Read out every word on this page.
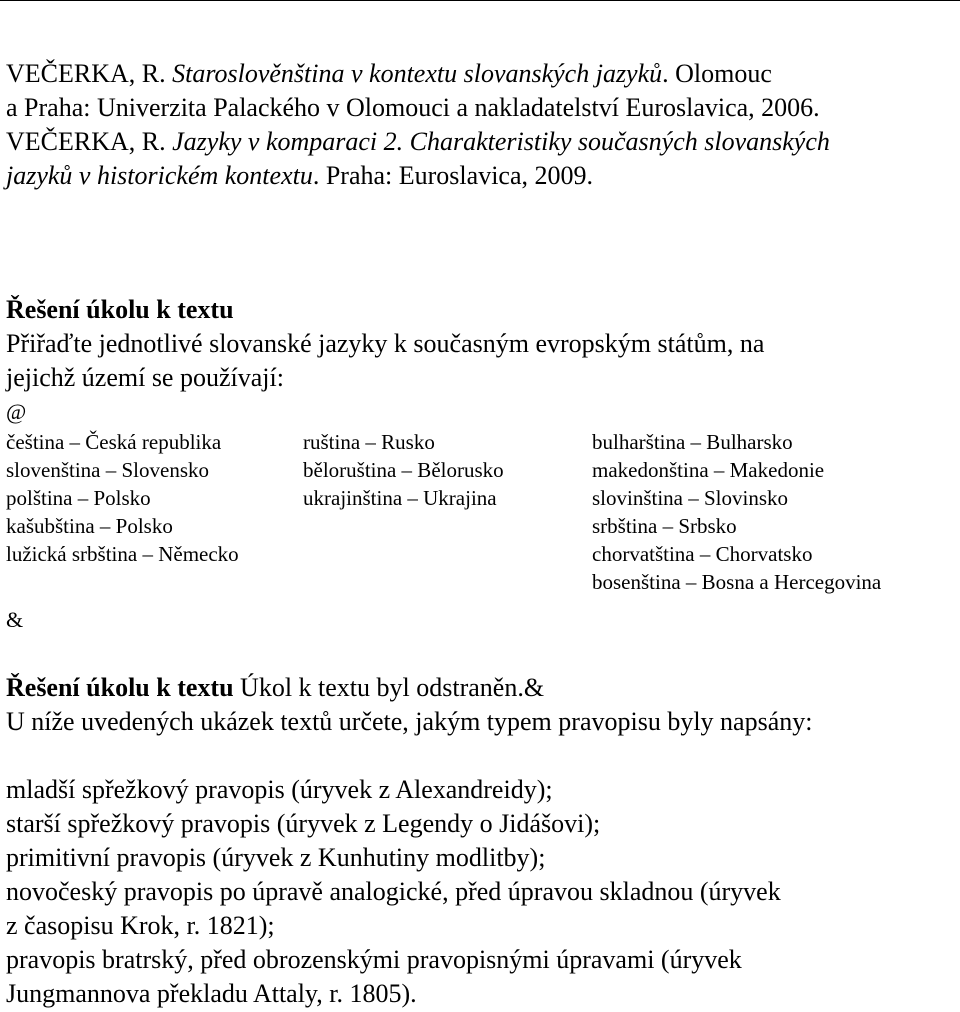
VEČERKA, R. Staroslověnština v kontextu slovanských jazyků. Olomouc
a Praha: Univerzita Palackého v Olomouci a nakladatelství Euroslavica, 2006.
VEČERKA, R. Jazyky v komparaci 2. Charakteristiky současných slovanských
jazyků v historickém kontextu. Praha: Euroslavica, 2009.
Řešení úkolu k textu
Přiřaďte jednotlivé slovanské jazyky k současným evropským státům, na
jejichž území se používají:
@
čeština – Česká republika
slovenština – Slovensko
polština – Polsko
kašubština – Polsko
lužická srbština – Německo
ruština – Rusko
běloruština – Bělorusko
ukrajinština – Ukrajina
bulharština – Bulharsko
makedonština – Makedonie
slovinština – Slovinsko
srbština – Srbsko
chorvatština – Chorvatsko
bosenština – Bosna a Hercegovina
&
Řešení úkolu k textu Úkol k textu byl odstraněn.&
U níže uvedených ukázek textů určete, jakým typem pravopisu byly napsány:
mladší spřežkový pravopis (úryvek z Alexandreidy);
starší spřežkový pravopis (úryvek z Legendy o Jidášovi);
primitivní pravopis (úryvek z Kunhutiny modlitby);
novočeský pravopis po úpravě analogické, před úpravou skladnou (úryvek
z časopisu Krok, r. 1821);
pravopis bratrský, před obrozenskými pravopisnými úpravami (úryvek
Jungmannova překladu Attaly, r. 1805).
